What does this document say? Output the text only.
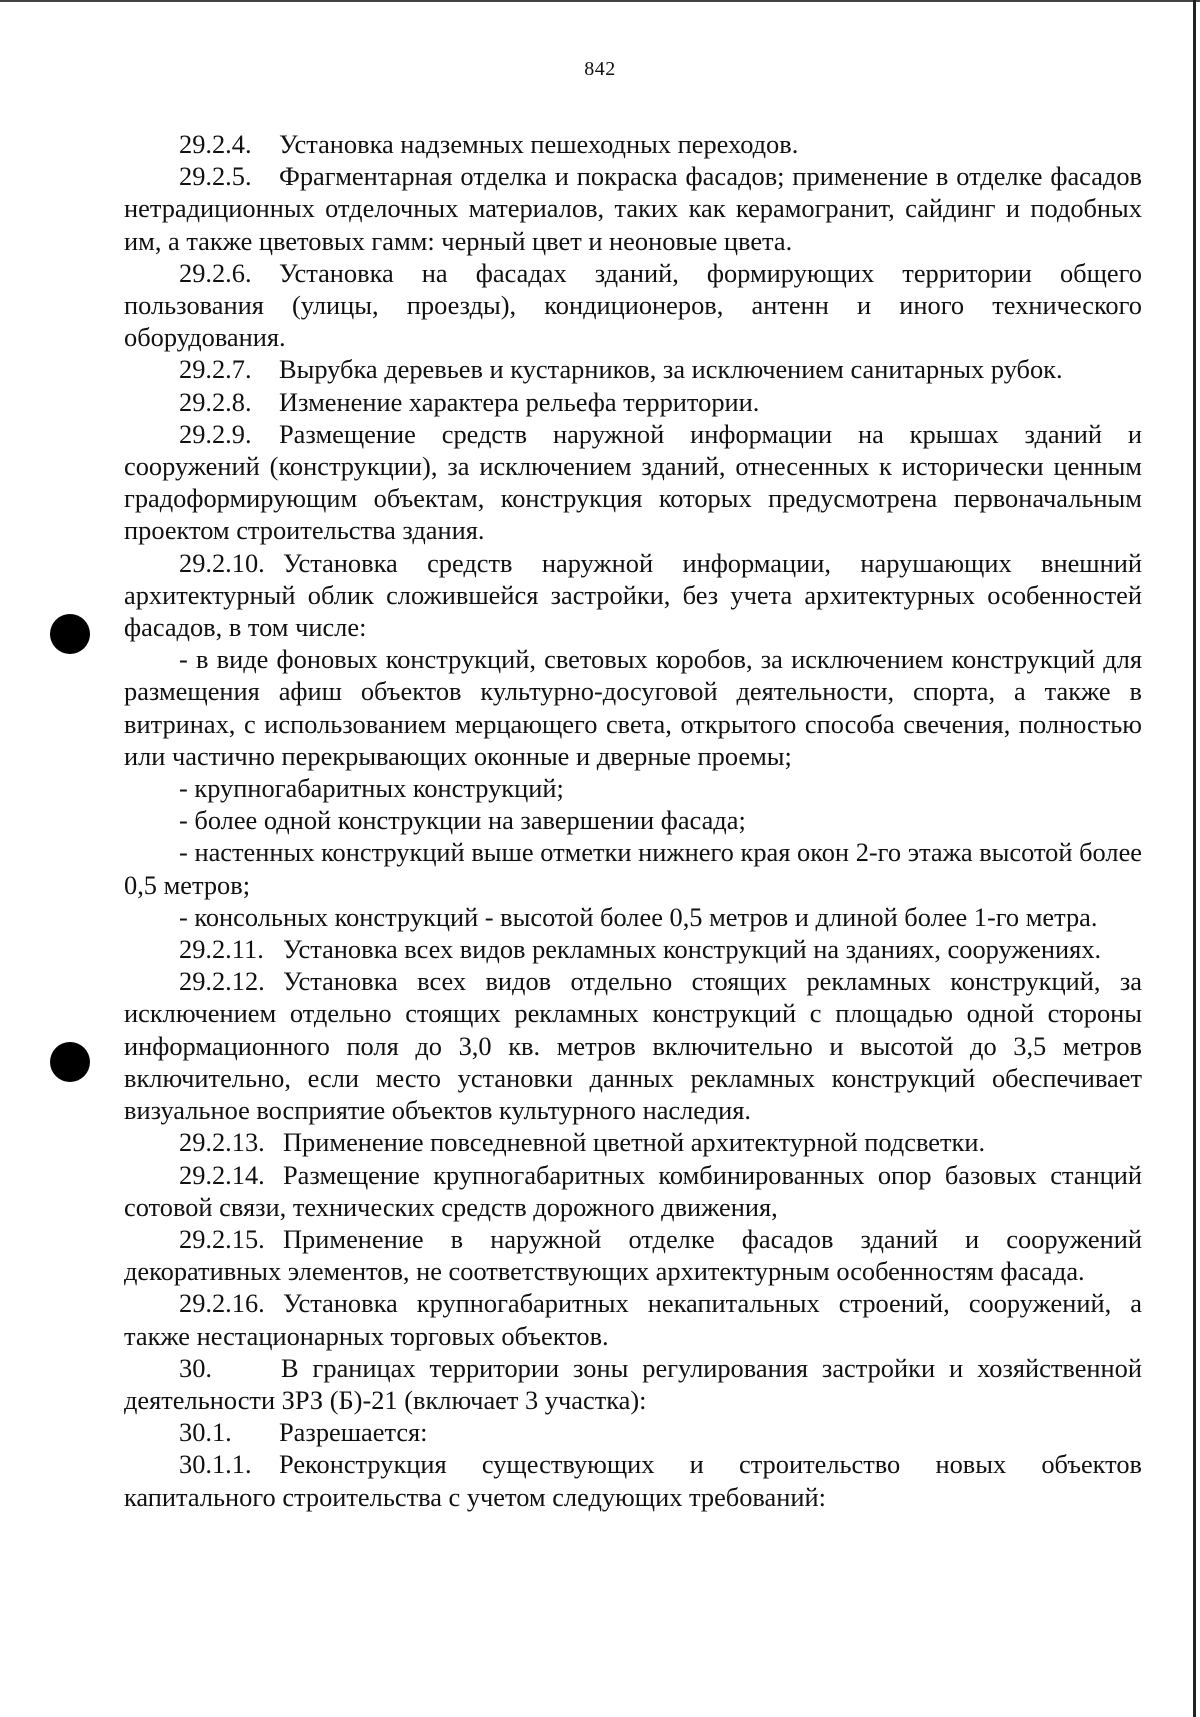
842

29.2.4. Установка надземных пешеходных переходов.

29.2.5. Фрагментарная отделка и покраска фасадов; применение в отделке фасадов нетрадиционных отделочных материалов, таких как керамогранит, сайдинг и подобных им, а также цветовых гамм: черный цвет и неоновые цвета.

29.2.6. Установка на фасадах зданий, формирующих территории общего пользования (улицы, проезды), кондиционеров, антенн и иного технического оборудования.

29.2.7. Вырубка деревьев и кустарников, за исключением санитарных рубок.

29.2.8. Изменение характера рельефа территории.

29.2.9. Размещение средств наружной информации на крышах зданий и сооружений (конструкции), за исключением зданий, отнесенных к исторически ценным градоформирующим объектам, конструкция которых предусмотрена первоначальным проектом строительства здания.

29.2.10. Установка средств наружной информации, нарушающих внешний архитектурный облик сложившейся застройки, без учета архитектурных особенностей фасадов, в том числе:

- в виде фоновых конструкций, световых коробов, за исключением конструкций для размещения афиш объектов культурно-досуговой деятельности, спорта, а также в витринах, с использованием мерцающего света, открытого способа свечения, полностью или частично перекрывающих оконные и дверные проемы;

- крупногабаритных конструкций;

- более одной конструкции на завершении фасада;

- настенных конструкций выше отметки нижнего края окон 2-го этажа высотой более 0,5 метров;

- консольных конструкций - высотой более 0,5 метров и длиной более 1-го метра.

29.2.11. Установка всех видов рекламных конструкций на зданиях, сооружениях.

29.2.12. Установка всех видов отдельно стоящих рекламных конструкций, за исключением отдельно стоящих рекламных конструкций с площадью одной стороны информационного поля до 3,0 кв. метров включительно и высотой до 3,5 метров включительно, если место установки данных рекламных конструкций обеспечивает визуальное восприятие объектов культурного наследия.

29.2.13. Применение повседневной цветной архитектурной подсветки.

29.2.14. Размещение крупногабаритных комбинированных опор базовых станций сотовой связи, технических средств дорожного движения,

29.2.15. Применение в наружной отделке фасадов зданий и сооружений декоративных элементов, не соответствующих архитектурным особенностям фасада.

29.2.16. Установка крупногабаритных некапитальных строений, сооружений, а также нестационарных торговых объектов.

30.	В границах территории зоны регулирования застройки и хозяйственной деятельности ЗРЗ (Б)-21 (включает 3 участка):

30.1. Разрешается:

30.1.1. Реконструкция существующих и строительство новых объектов капитального строительства с учетом следующих требований:
